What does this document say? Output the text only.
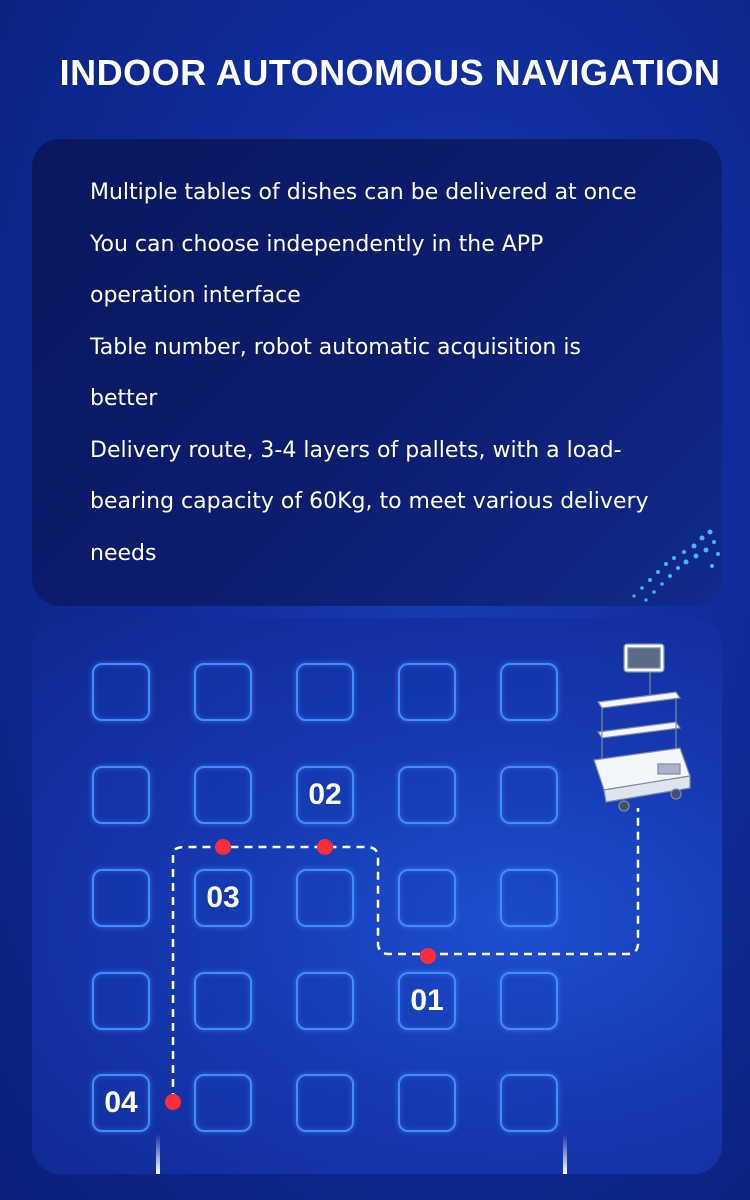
INDOOR AUTONOMOUS NAVIGATION
Multiple tables of dishes can be delivered at once
You can choose independently in the APP
operation interface
Table number, robot automatic acquisition is
better
Delivery route, 3-4 layers of pallets, with a load-
bearing capacity of 60Kg, to meet various delivery
needs
02
03
01
04
